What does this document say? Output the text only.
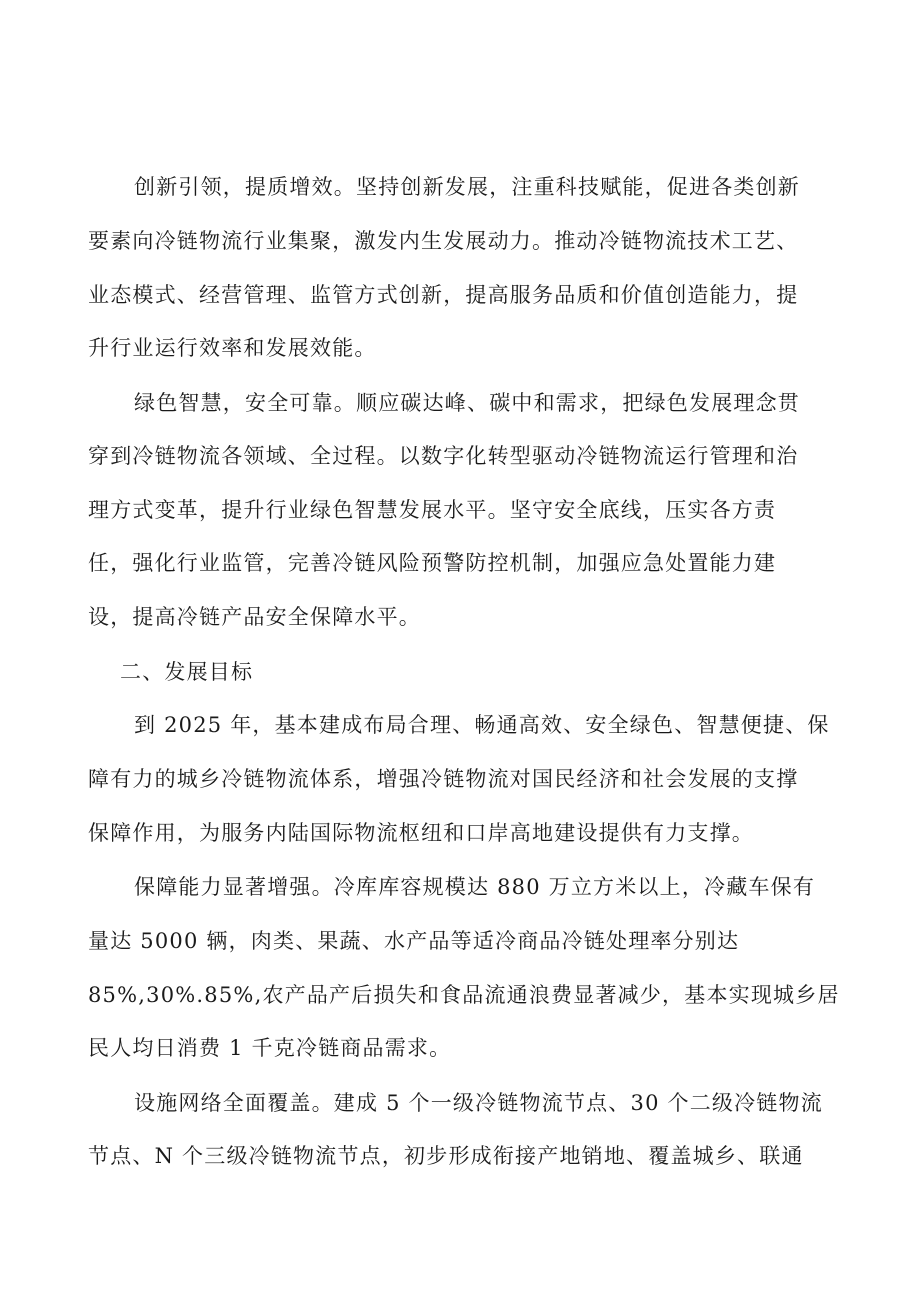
创新引领，提质增效。坚持创新发展，注重科技赋能，促进各类创新
要素向冷链物流行业集聚，激发内生发展动力。推动冷链物流技术工艺、
业态模式、经营管理、监管方式创新，提高服务品质和价值创造能力，提
升行业运行效率和发展效能。
绿色智慧，安全可靠。顺应碳达峰、碳中和需求，把绿色发展理念贯
穿到冷链物流各领域、全过程。以数字化转型驱动冷链物流运行管理和治
理方式变革，提升行业绿色智慧发展水平。坚守安全底线，压实各方责
任，强化行业监管，完善冷链风险预警防控机制，加强应急处置能力建
设，提高冷链产品安全保障水平。
二、发展目标
到 2025 年，基本建成布局合理、畅通高效、安全绿色、智慧便捷、保
障有力的城乡冷链物流体系，增强冷链物流对国民经济和社会发展的支撑
保障作用，为服务内陆国际物流枢纽和口岸高地建设提供有力支撑。
保障能力显著增强。冷库库容规模达 880 万立方米以上，冷藏车保有
量达 5000 辆，肉类、果蔬、水产品等适冷商品冷链处理率分别达
85%,30%.85%,农产品产后损失和食品流通浪费显著减少，基本实现城乡居
民人均日消费 1 千克冷链商品需求。
设施网络全面覆盖。建成 5 个一级冷链物流节点、30 个二级冷链物流
节点、N 个三级冷链物流节点，初步形成衔接产地销地、覆盖城乡、联通
